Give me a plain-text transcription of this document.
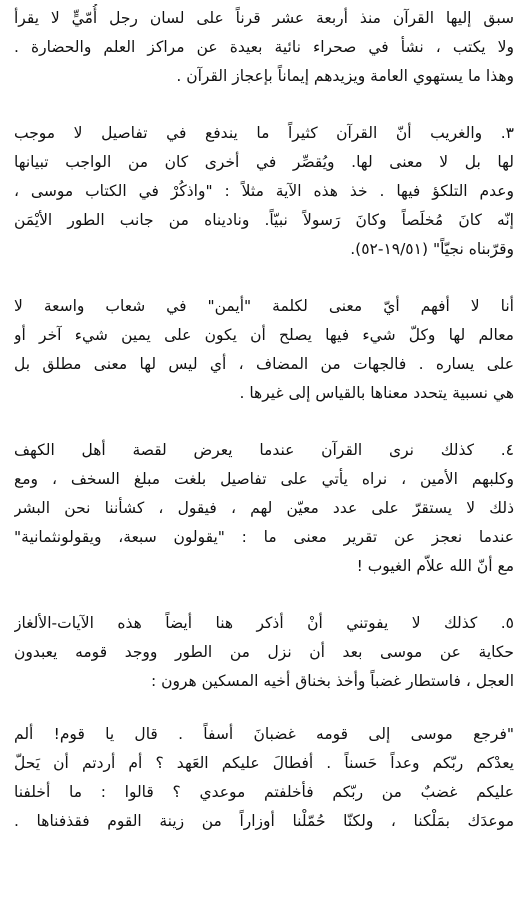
سبق إليها القرآن منذ أربعة عشر قرناً على لسان رجل أُمّيٍّ لا يقرأ
ولا يكتب ، نشأ في صحراء نائية بعيدة عن مراكز العلم والحضارة .
وهذا ما يستهوي العامة ويزيدهم إيماناً بإعجاز القرآن .

٣. والغريب أنّ القرآن كثيراً ما يندفع في تفاصيل لا موجب
لها بل لا معنى لها. ويُقصِّر في أخرى كان من الواجب تبيانها
وعدم التلكؤ فيها . خذ هذه الآية مثلاً : "واذكُرْ في الكتاب موسى ،
إنّه كانَ مُخلَصاً وكانَ رَسولاً نبيّاً. وناديناه من جانب الطور الأيْمَن
وقرّبناه نجيّاً" (١٩/٥١-٥٢).

أنا لا أفهم أيّ معنى لكلمة "أيمن" في شعاب واسعة لا
معالم لها وكلّ شيء فيها يصلح أن يكون على يمين شيء آخر أو
على يساره . فالجهات من المضاف ، أي ليس لها معنى مطلق بل
هي نسبية يتحدد معناها بالقياس إلى غيرها .

٤. كذلك نرى القرآن عندما يعرض لقصة أهل الكهف
وكلبهم الأمين ، نراه يأتي على تفاصيل بلغت مبلغ السخف ، ومع
ذلك لا يستقرّ على عدد معيّن لهم ، فيقول ، كشأننا نحن البشر
عندما نعجز عن تقرير معنى ما : "يقولون سبعة، ويقولونثمانية"
مع أنّ الله علاّم الغيوب !

٥. كذلك لا يفوتني أنْ أذكر هنا أيضاً هذه الآيات-الألغاز
حكاية عن موسى بعد أن نزل من الطور ووجد قومه يعبدون
العجل ، فاستطار غضباً وأخذ بخناق أخيه المسكين هرون :

"فرجع موسى إلى قومه غضبانَ أسفاً . قال يا قوم! ألم
يعدْكم ربّكم وعداً حَسناً . أفطالَ عليكم العَهد ؟ أم أردتم أن يَحلّ
عليكم غضبٌ من ربّكم فأخلفتم موعدي ؟ قالوا : ما أخلفنا
موعدَك بمَلْكنا ، ولكنّا حُمّلْنا أوزاراً من زينة القوم فقذفناها .
